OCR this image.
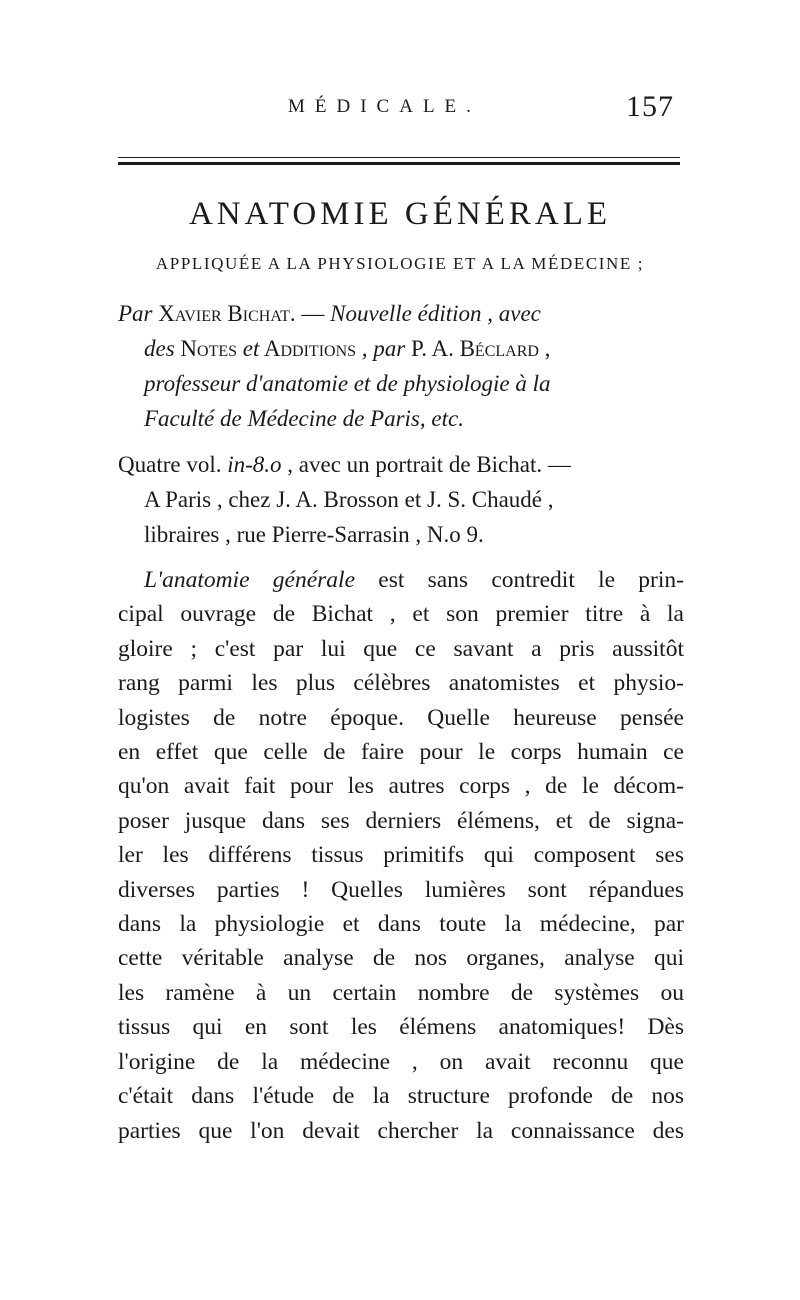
MÉDICALE.	157
ANATOMIE GÉNÉRALE
APPLIQUÉE A LA PHYSIOLOGIE ET A LA MÉDECINE ;
Par Xavier Bichat. — Nouvelle édition , avec
des Notes et Additions , par P. A. Béclard ,
professeur d'anatomie et de physiologie à la
Faculté de Médecine de Paris, etc.
Quatre vol. in-8.o , avec un portrait de Bichat. —
A Paris , chez J. A. Brosson et J. S. Chaudé ,
libraires , rue Pierre-Sarrasin , N.o 9.
L'anatomie générale est sans contredit le prin-
cipal ouvrage de Bichat , et son premier titre à la
gloire ; c'est par lui que ce savant a pris aussitôt
rang parmi les plus célèbres anatomistes et physio-
logistes de notre époque. Quelle heureuse pensée
en effet que celle de faire pour le corps humain ce
qu'on avait fait pour les autres corps , de le décom-
poser jusque dans ses derniers élémens, et de signa-
ler les différens tissus primitifs qui composent ses
diverses parties ! Quelles lumières sont répandues
dans la physiologie et dans toute la médecine, par
cette véritable analyse de nos organes, analyse qui
les ramène à un certain nombre de systèmes ou
tissus qui en sont les élémens anatomiques! Dès
l'origine de la médecine , on avait reconnu que
c'était dans l'étude de la structure profonde de nos
parties que l'on devait chercher la connaissance des
